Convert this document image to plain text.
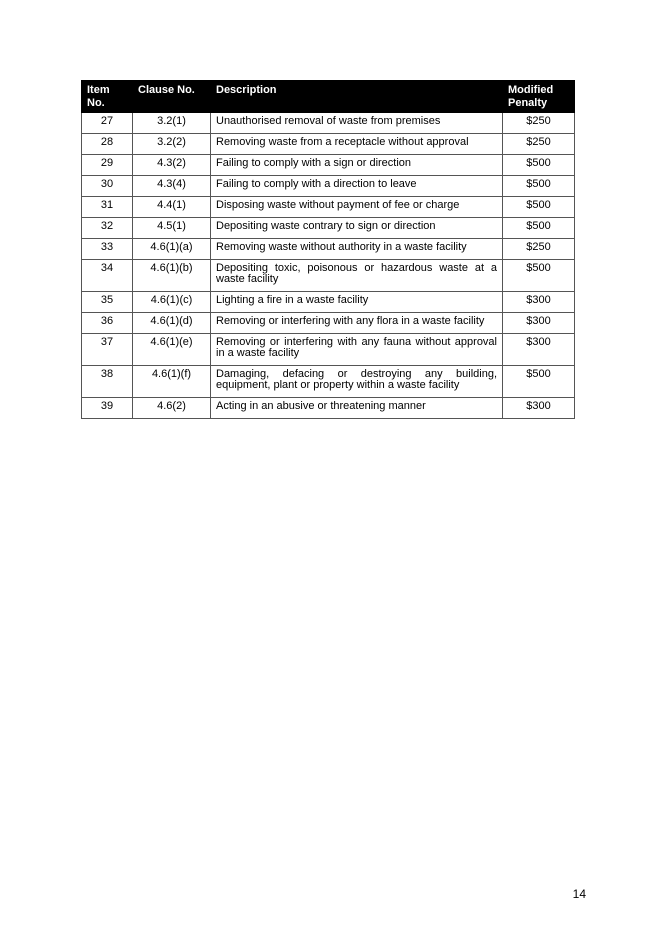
Item No.	Clause No.	Description	Modified Penalty
27	3.2(1)	Unauthorised removal of waste from premises	$250
28	3.2(2)	Removing waste from a receptacle without approval	$250
29	4.3(2)	Failing to comply with a sign or direction	$500
30	4.3(4)	Failing to comply with a direction to leave	$500
31	4.4(1)	Disposing waste without payment of fee or charge	$500
32	4.5(1)	Depositing waste contrary to sign or direction	$500
33	4.6(1)(a)	Removing waste without authority in a waste facility	$250
34	4.6(1)(b)	Depositing toxic, poisonous or hazardous waste at a waste facility	$500
35	4.6(1)(c)	Lighting a fire in a waste facility	$300
36	4.6(1)(d)	Removing or interfering with any flora in a waste facility	$300
37	4.6(1)(e)	Removing or interfering with any fauna without approval in a waste facility	$300
38	4.6(1)(f)	Damaging, defacing or destroying any building, equipment, plant or property within a waste facility	$500
39	4.6(2)	Acting in an abusive or threatening manner	$300
14
